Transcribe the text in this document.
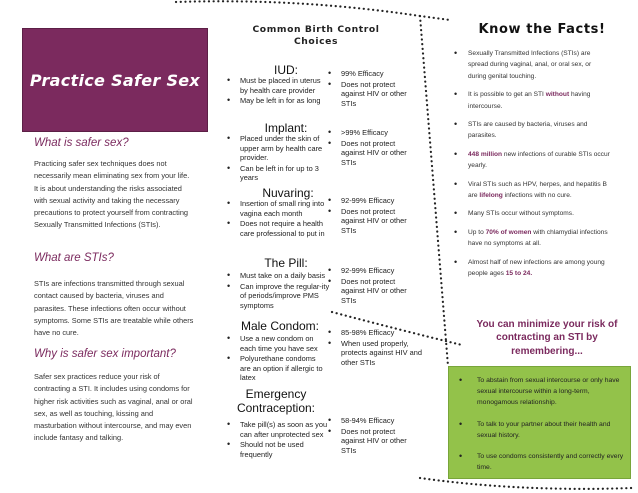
Practice Safer Sex
What is safer sex?
Practicing safer sex techniques does not necessarily mean eliminating sex from your life. It is about understanding the risks associated with sexual activity and taking the necessary precautions to protect yourself from contracting Sexually Transmitted Infections (STIs).
What are STIs?
STIs are infections transmitted through sexual contact caused by bacteria, viruses and parasites. These infections often occur without symptoms. Some STIs are treatable while others have no cure.
Why is safer sex important?
Safer sex practices reduce your risk of contracting a STI. It includes using condoms for higher risk activities such as vaginal, anal or oral sex, as well as touching, kissing and masturbation without intercourse, and may even include fantasy and talking.
Common Birth Control Choices
IUD:
• Must be placed in uterus by health care provider
• May be left in for as long
• 99% Efficacy
• Does not protect against HIV or other STIs
Implant:
• Placed under the skin of upper arm by health care provider.
• Can be left in for up to 3 years
• >99% Efficacy
• Does not protect against HIV or other STIs
Nuvaring:
• Insertion of small ring into vagina each month
• Does not require a health care professional to put in
• 92-99% Efficacy
• Does not protect against HIV or other STIs
The Pill:
• Must take on a daily basis
• Can improve the regular-ity of periods/improve PMS symptoms
• 92-99% Efficacy
• Does not protect against HIV or other STIs
Male Condom:
• Use a new condom on each time you have sex
• Polyurethane condoms are an option if allergic to latex
• 85-98% Efficacy
• When used properly, protects against HIV and other STIs
Emergency Contraception:
• Take pill(s) as soon as you can after unprotected sex
• Should not be used frequently
• 58-94% Efficacy
• Does not protect against HIV or other STIs
Know the Facts!
• Sexually Transmitted Infections (STIs) are spread during vaginal, anal, or oral sex, or during genital touching.
• It is possible to get an STI without having intercourse.
• STIs are caused by bacteria, viruses and parasites.
• 448 million new infections of curable STIs occur yearly.
• Viral STIs such as HPV, herpes, and hepatitis B are lifelong infections with no cure.
• Many STIs occur without symptoms.
• Up to 70% of women with chlamydial infections have no symptoms at all.
• Almost half of new infections are among young people ages 15 to 24.
You can minimize your risk of contracting an STI by remembering...
• To abstain from sexual intercourse or only have sexual intercourse within a long-term, monogamous relationship.
• To talk to your partner about their health and sexual history.
• To use condoms consistently and correctly every time.
